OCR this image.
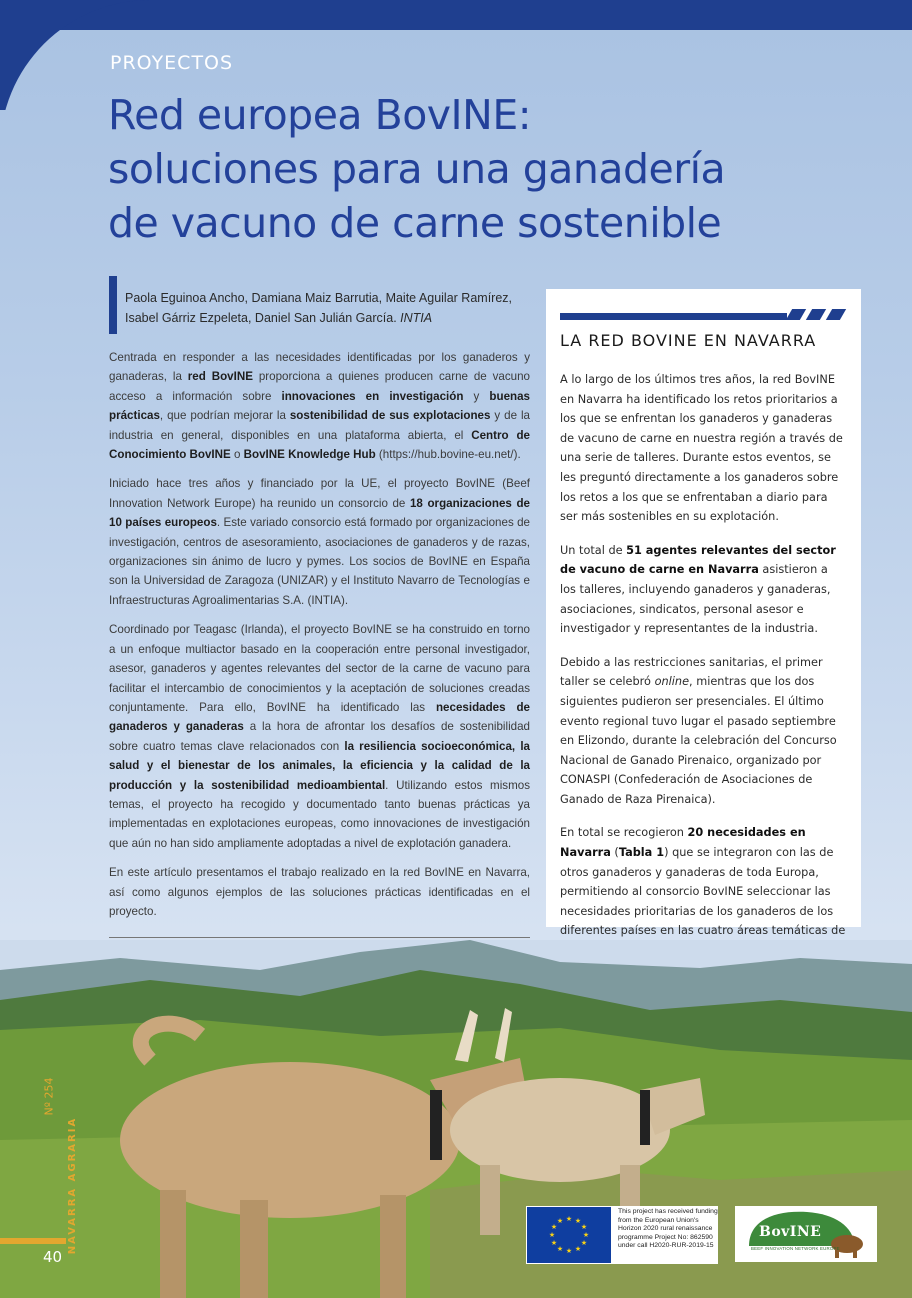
PROYECTOS
Red europea BovINE:
soluciones para una ganadería
de vacuno de carne sostenible
Paola Eguinoa Ancho, Damiana Maiz Barrutia, Maite Aguilar Ramírez, Isabel Gárriz Ezpeleta, Daniel San Julián García. INTIA

Centrada en responder a las necesidades identificadas por los ganaderos y ganaderas, la red BovINE proporciona a quienes producen carne de vacuno acceso a información sobre innovaciones en investigación y buenas prácticas, que podrían mejorar la sostenibilidad de sus explotaciones y de la industria en general, disponibles en una plataforma abierta, el Centro de Conocimiento BovINE o BovINE Knowledge Hub (https://hub.bovine-eu.net/).

Iniciado hace tres años y financiado por la UE, el proyecto BovINE (Beef Innovation Network Europe) ha reunido un consorcio de 18 organizaciones de 10 países europeos. Este variado consorcio está formado por organizaciones de investigación, centros de asesoramiento, asociaciones de ganaderos y de razas, organizaciones sin ánimo de lucro y pymes. Los socios de BovINE en España son la Universidad de Zaragoza (UNIZAR) y el Instituto Navarro de Tecnologías e Infraestructuras Agroalimentarias S.A. (INTIA).

Coordinado por Teagasc (Irlanda), el proyecto BovINE se ha construido en torno a un enfoque multiactor basado en la cooperación entre personal investigador, asesor, ganaderos y agentes relevantes del sector de la carne de vacuno para facilitar el intercambio de conocimientos y la aceptación de soluciones creadas conjuntamente. Para ello, BovINE ha identificado las necesidades de ganaderos y ganaderas a la hora de afrontar los desafíos de sostenibilidad sobre cuatro temas clave relacionados con la resiliencia socioeconómica, la salud y el bienestar de los animales, la eficiencia y la calidad de la producción y la sostenibilidad medioambiental. Utilizando estos mismos temas, el proyecto ha recogido y documentado tanto buenas prácticas ya implementadas en explotaciones europeas, como innovaciones de investigación que aún no han sido ampliamente adoptadas a nivel de explotación ganadera.

En este artículo presentamos el trabajo realizado en la red BovINE en Navarra, así como algunos ejemplos de las soluciones prácticas identificadas en el proyecto.

LA RED BOVINE EN NAVARRA

A lo largo de los últimos tres años, la red BovINE en Navarra ha identificado los retos prioritarios a los que se enfrentan los ganaderos y ganaderas de vacuno de carne en nuestra región a través de una serie de talleres. Durante estos eventos, se les preguntó directamente a los ganaderos sobre los retos a los que se enfrentaban a diario para ser más sostenibles en su explotación.

Un total de 51 agentes relevantes del sector de vacuno de carne en Navarra asistieron a los talleres, incluyendo ganaderos y ganaderas, asociaciones, sindicatos, personal asesor e investigador y representantes de la industria.

Debido a las restricciones sanitarias, el primer taller se celebró online, mientras que los dos siguientes pudieron ser presenciales. El último evento regional tuvo lugar el pasado septiembre en Elizondo, durante la celebración del Concurso Nacional de Ganado Pirenaico, organizado por CONASPI (Confederación de Asociaciones de Ganado de Raza Pirenaica).

En total se recogieron 20 necesidades en Navarra (Tabla 1) que se integraron con las de otros ganaderos y ganaderas de toda Europa, permitiendo al consorcio BovINE seleccionar las necesidades prioritarias de los ganaderos de los diferentes países en las cuatro áreas temáticas de

Nº 254
NAVARRA AGRARIA
40
★ ★
★
★
★
★
★
★
★
★
★
★
This project has received funding from the European Union's Horizon 2020 rural renaissance programme Project No: 862590 under call H2020-RUR-2019-15
BovINE
BEEF INNOVATION NETWORK EUROPE
